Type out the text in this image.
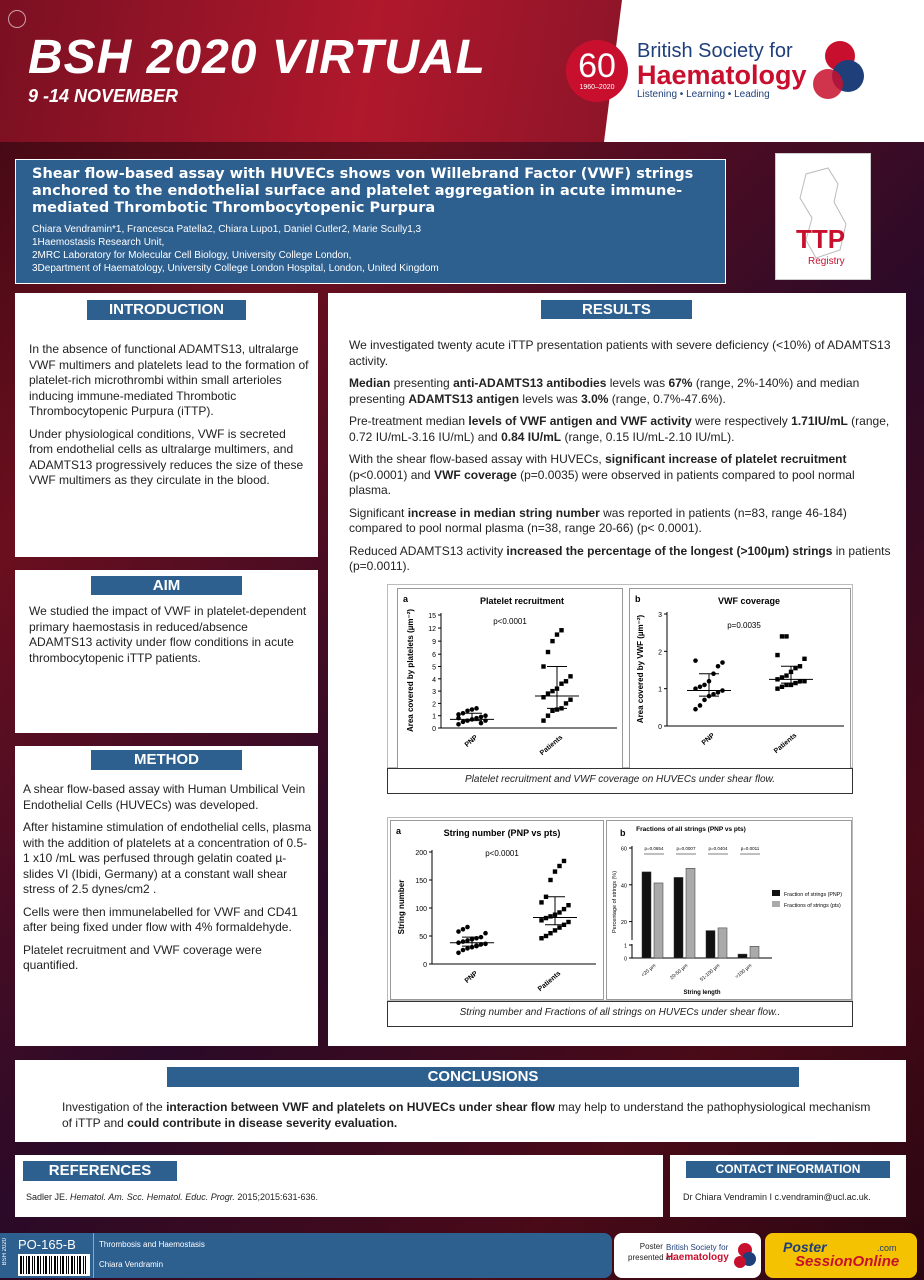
BSH 2020 VIRTUAL
9 -14 NOVEMBER
60
1960–2020
British Society for
Haematology
Listening • Learning • Leading
Shear flow-based assay with HUVECs shows von Willebrand Factor (VWF) strings anchored to the endothelial surface and platelet aggregation in acute immune-mediated Thrombotic Thrombocytopenic Purpura
Chiara Vendramin*1, Francesca Patella2, Chiara Lupo1, Daniel Cutler2, Marie Scully1,3
1Haemostasis Research Unit,
2MRC Laboratory for Molecular Cell Biology, University College London,
3Department of Haematology, University College London Hospital, London, United Kingdom
TTP
Registry
INTRODUCTION

In the absence of functional ADAMTS13, ultralarge VWF multimers and platelets lead to the formation of platelet-rich microthrombi within small arterioles inducing immune-mediated Thrombotic Thrombocytopenic Purpura (iTTP).

Under physiological conditions, VWF is secreted from endothelial cells as ultralarge multimers, and ADAMTS13 progressively reduces the size of these VWF multimers as they circulate in the blood.

AIM
We studied the impact of VWF in platelet-dependent primary haemostasis in reduced/absence ADAMTS13 activity under flow conditions in acute thrombocytopenic iTTP patients.
METHOD

A shear flow-based assay with Human Umbilical Vein Endothelial Cells (HUVECs) was developed.

After histamine stimulation of endothelial cells, plasma with the addition of platelets at a concentration of 0.5-1 x10 /mL was perfused through gelatin coated µ-slides VI (Ibidi, Germany) at a constant wall shear stress of 2.5 dynes/cm2 .

Cells were then immunelabelled for VWF and CD41 after being fixed under flow with 4% formaldehyde.

Platelet recruitment and VWF coverage were quantified.

RESULTS

We investigated twenty acute iTTP presentation patients with severe deficiency (<10%) of ADAMTS13 activity.

Median presenting anti-ADAMTS13 antibodies levels was 67% (range, 2%-140%) and median presenting ADAMTS13 antigen levels was 3.0% (range, 0.7%-47.6%).

Pre-treatment median levels of VWF antigen and VWF activity were respectively 1.71IU/mL (range, 0.72 IU/mL-3.16 IU/mL) and 0.84 IU/mL (range, 0.15 IU/mL-2.10 IU/mL).

With the shear flow-based assay with HUVECs, significant increase of platelet recruitment (p<0.0001) and VWF coverage (p=0.0035) were observed in patients compared to pool normal plasma.

Significant increase in median string number was reported in patients (n=83, range 46-184) compared to pool normal plasma (n=38, range 20-66) (p< 0.0001).

Reduced ADAMTS13 activity increased the percentage of the longest (>100µm) strings in patients (p=0.0011).

a	Platelet recruitment
0
1
2
3
4
5
6
9
12
15
Area covered by platelets (µm⁻²)	p<0.0001
PNP	Patients
b	VWF coverage
0
1
2
3
Area covered by VWF (µm⁻²)	p=0.0035
PNP	Patients
Platelet recruitment and VWF coverage on HUVECs under shear flow.
a	String number (PNP vs pts)
0
50
100
150
200
String number
p<0.0001
PNP	Patients
b Fractions of all strings (PNP vs pts)
0
1
20
40
60
Percentage of strings (%)
p=0.0654
<20 µm
p=0.0007
20-50 µm
p=0.0404
51-100 µm
p=0.0011
>100 µm
String length
Fraction of strings (PNP)
Fractions of strings (pts)
String number and Fractions of all strings on HUVECs under shear flow..
CONCLUSIONS
Investigation of the interaction between VWF and platelets on HUVECs under shear flow may help to understand the pathophysiological mechanism of iTTP and could contribute in disease severity evaluation.
REFERENCES
Sadler JE. Hematol. Am. Scc. Hematol. Educ. Progr. 2015;2015:631-636.
CONTACT INFORMATION
Dr Chiara Vendramin I c.vendramin@ucl.ac.uk.
BSH 2020 PO-165-B	Thrombosis and Haemostasis
Chiara Vendramin
Poster
presented at:
British Society for
Haematology
Poster
SessionOnline
.com
